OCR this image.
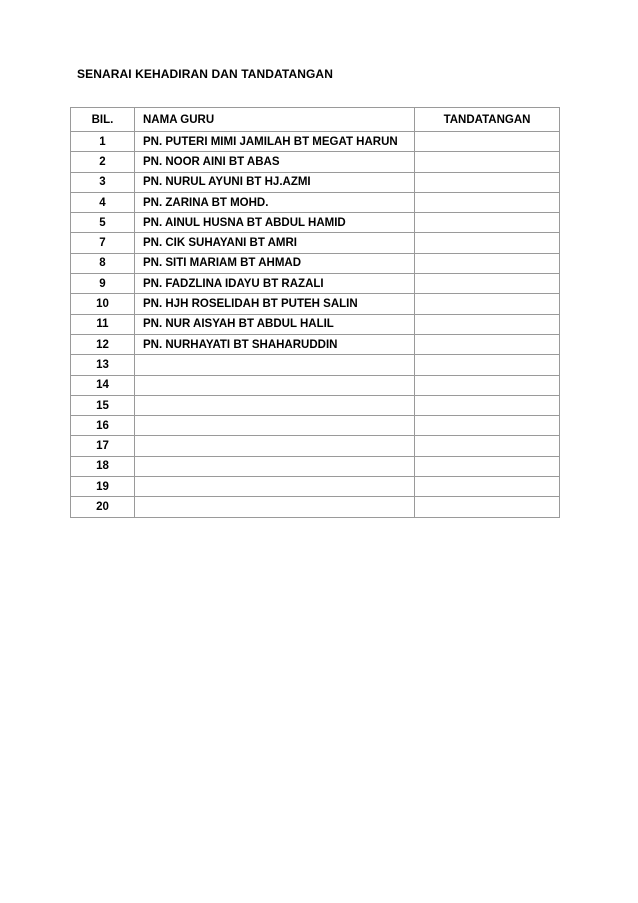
SENARAI KEHADIRAN DAN TANDATANGAN
BIL.	NAMA GURU	TANDATANGAN
1	PN. PUTERI MIMI JAMILAH BT MEGAT HARUN	
2	PN. NOOR AINI BT ABAS	
3	PN. NURUL AYUNI BT HJ.AZMI	
4	PN. ZARINA BT MOHD.	
5	PN. AINUL HUSNA BT ABDUL HAMID	
7	PN. CIK SUHAYANI BT AMRI	
8	PN. SITI MARIAM BT AHMAD	
9	PN. FADZLINA IDAYU BT RAZALI	
10	PN. HJH ROSELIDAH BT PUTEH SALIN	
11	PN. NUR AISYAH BT ABDUL HALIL	
12	PN. NURHAYATI BT SHAHARUDDIN	
13		
14		
15		
16		
17		
18		
19		
20		
